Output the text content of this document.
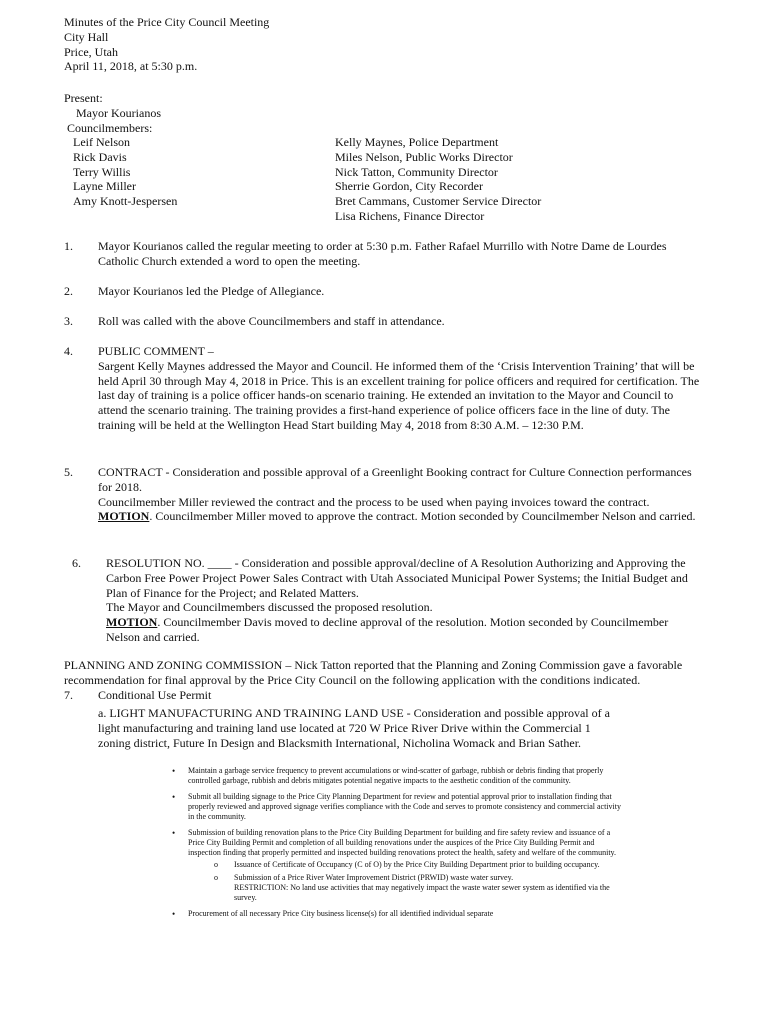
Minutes of the Price City Council Meeting
City Hall
Price, Utah
April 11, 2018, at 5:30 p.m.
Present:
Mayor Kourianos
Councilmembers:
Leif Nelson
Rick Davis
Terry Willis
Layne Miller
Amy Knott-Jespersen
Kelly Maynes, Police Department
Miles Nelson, Public Works Director
Nick Tatton, Community Director
Sherrie Gordon, City Recorder
Bret Cammans, Customer Service Director
Lisa Richens, Finance Director
1. Mayor Kourianos called the regular meeting to order at 5:30 p.m. Father Rafael Murrillo with Notre Dame de Lourdes Catholic Church extended a word to open the meeting.
2. Mayor Kourianos led the Pledge of Allegiance.
3. Roll was called with the above Councilmembers and staff in attendance.
4. PUBLIC COMMENT –
Sargent Kelly Maynes addressed the Mayor and Council. He informed them of the ‘Crisis Intervention Training’ that will be held April 30 through May 4, 2018 in Price. This is an excellent training for police officers and required for certification. The last day of training is a police officer hands-on scenario training. He extended an invitation to the Mayor and Council to attend the scenario training. The training provides a first-hand experience of police officers face in the line of duty. The training will be held at the Wellington Head Start building May 4, 2018 from 8:30 A.M. – 12:30 P.M.
5. CONTRACT - Consideration and possible approval of a Greenlight Booking contract for Culture Connection performances for 2018.
Councilmember Miller reviewed the contract and the process to be used when paying invoices toward the contract.
MOTION. Councilmember Miller moved to approve the contract. Motion seconded by Councilmember Nelson and carried.
6. RESOLUTION NO. ____ - Consideration and possible approval/decline of A Resolution Authorizing and Approving the Carbon Free Power Project Power Sales Contract with Utah Associated Municipal Power Systems; the Initial Budget and Plan of Finance for the Project; and Related Matters.
The Mayor and Councilmembers discussed the proposed resolution.
MOTION. Councilmember Davis moved to decline approval of the resolution. Motion seconded by Councilmember Nelson and carried.
PLANNING AND ZONING COMMISSION – Nick Tatton reported that the Planning and Zoning Commission gave a favorable recommendation for final approval by the Price City Council on the following application with the conditions indicated.
7. Conditional Use Permit
a. LIGHT MANUFACTURING AND TRAINING LAND USE - Consideration and possible approval of a light manufacturing and training land use located at 720 W Price River Drive within the Commercial 1 zoning district, Future In Design and Blacksmith International, Nicholina Womack and Brian Sather.
• Maintain a garbage service frequency to prevent accumulations or wind-scatter of garbage, rubbish or debris finding that properly controlled garbage, rubbish and debris mitigates potential negative impacts to the aesthetic condition of the community.
• Submit all building signage to the Price City Planning Department for review and potential approval prior to installation finding that properly reviewed and approved signage verifies compliance with the Code and serves to promote consistency and commercial activity in the community.
• Submission of building renovation plans to the Price City Building Department for building and fire safety review and issuance of a Price City Building Permit and completion of all building renovations under the auspices of the Price City Building Permit and inspection finding that properly permitted and inspected building renovations protect the health, safety and welfare of the community.
o Issuance of Certificate of Occupancy (C of O) by the Price City Building Department prior to building occupancy.
o Submission of a Price River Water Improvement District (PRWID) waste water survey.
RESTRICTION: No land use activities that may negatively impact the waste water sewer system as identified via the survey.
• Procurement of all necessary Price City business license(s) for all identified individual separate
